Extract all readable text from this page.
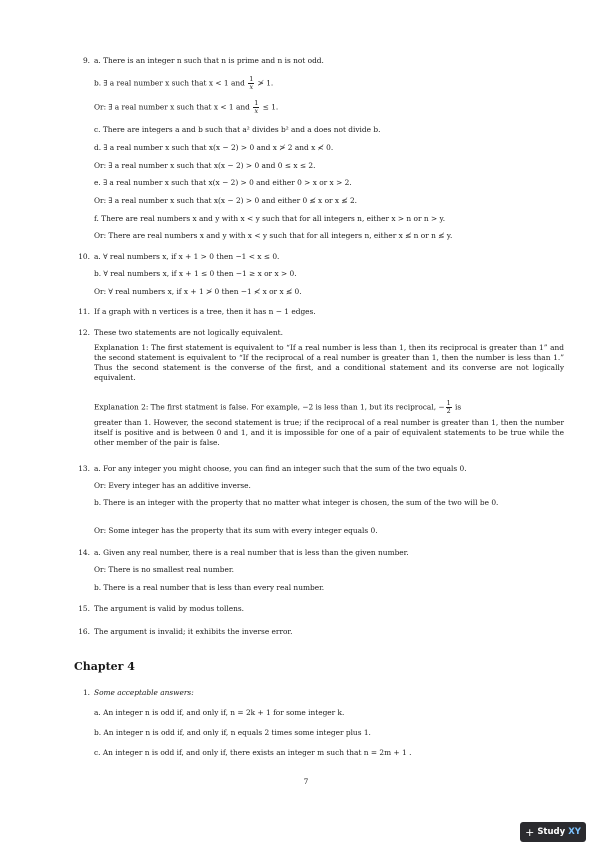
9. a. There is an integer n such that n is prime and n is not odd.
b. ∃ a real number x such that x < 1 and $\frac{1}{x}$ ≯ 1.
Or: ∃ a real number x such that x < 1 and $\frac{1}{x} \le 1$.
c. There are integers a and b such that a² divides b² and a does not divide b.
d. ∃ a real number x such that x(x − 2) > 0 and x ≯ 2 and x ≮ 0.
Or: ∃ a real number x such that x(x − 2) > 0 and 0 ≤ x ≤ 2.
e. ∃ a real number x such that x(x − 2) > 0 and either 0 > x or x > 2.
Or: ∃ a real number x such that x(x − 2) > 0 and either 0 ≰ x or x ≰ 2.
f. There are real numbers x and y with x < y such that for all integers n, either x > n or n > y.
Or: There are real numbers x and y with x < y such that for all integers n, either x ≰ n or n ≰ y.
10. a. ∀ real numbers x, if x + 1 > 0 then −1 < x ≤ 0.
b. ∀ real numbers x, if x + 1 ≤ 0 then −1 ≥ x or x > 0.
Or: ∀ real numbers x, if x + 1 ≯ 0 then −1 ≮ x or x ≰ 0.
11. If a graph with n vertices is a tree, then it has n − 1 edges.
12. These two statements are not logically equivalent.
Explanation 1: The first statement is equivalent to “If a real number is less than 1, then its reciprocal is greater than 1” and the second statement is equivalent to “If the reciprocal of a real number is greater than 1, then the number is less than 1.” Thus the second statement is the converse of the first, and a conditional statement and its converse are not logically equivalent.
Explanation 2: The first statment is false. For example, −2 is less than 1, but its reciprocal, − $\frac{1}{2}$ is
greater than 1. However, the second statement is true; if the reciprocal of a real number is greater than 1, then the number itself is positive and is between 0 and 1, and it is impossible for one of a pair of equivalent statements to be true while the other member of the pair is false.
13. a. For any integer you might choose, you can find an integer such that the sum of the two equals 0.
Or: Every integer has an additive inverse.
b. There is an integer with the property that no matter what integer is chosen, the sum of the two will be 0.
Or: Some integer has the property that its sum with every integer equals 0.
14. a. Given any real number, there is a real number that is less than the given number.
Or: There is no smallest real number.
b. There is a real number that is less than every real number.
15. The argument is valid by modus tollens.
16. The argument is invalid; it exhibits the inverse error.
Chapter 4
1. Some acceptable answers:
a. An integer n is odd if, and only if, n = 2k + 1 for some integer k.
b. An integer n is odd if, and only if, n equals 2 times some integer plus 1.
c. An integer n is odd if, and only if, there exists an integer m such that n = 2m + 1 .
7
+ Study XY
